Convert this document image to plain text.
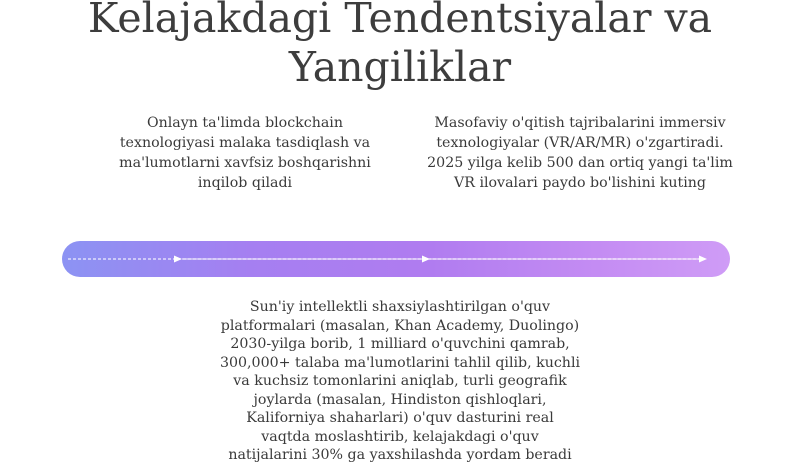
Kelajakdagi Tendentsiyalar va
Yangiliklar
Onlayn ta'limda blockchain
texnologiyasi malaka tasdiqlash va
ma'lumotlarni xavfsiz boshqarishni
inqilob qiladi
Masofaviy o'qitish tajribalarini immersiv
texnologiyalar (VR/AR/MR) o'zgartiradi.
2025 yilga kelib 500 dan ortiq yangi ta'lim
VR ilovalari paydo bo'lishini kuting
Sun'iy intellektli shaxsiylashtirilgan o'quv
platformalari (masalan, Khan Academy, Duolingo)
2030-yilga borib, 1 milliard o'quvchini qamrab,
300,000+ talaba ma'lumotlarini tahlil qilib, kuchli
va kuchsiz tomonlarini aniqlab, turli geografik
joylarda (masalan, Hindiston qishloqlari,
Kaliforniya shaharlari) o'quv dasturini real
vaqtda moslashtirib, kelajakdagi o'quv
natijalarini 30% ga yaxshilashda yordam beradi
